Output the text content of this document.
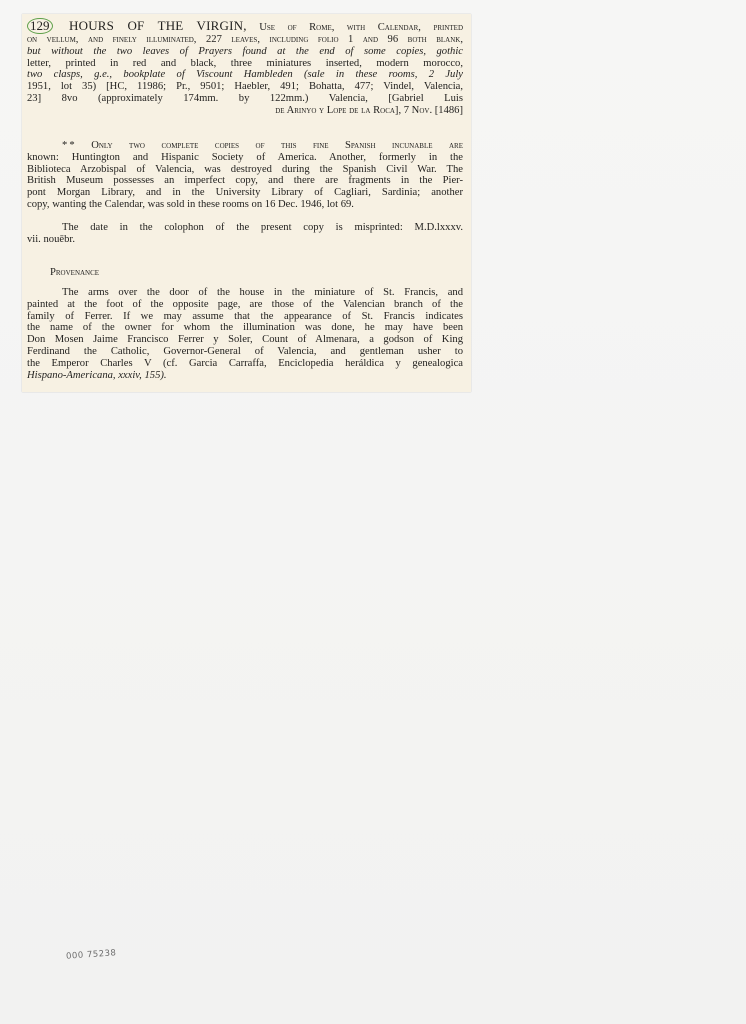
129 HOURS OF THE VIRGIN, Use of Rome, with Calendar, printed
on vellum, and finely illuminated, 227 leaves, including folio 1 and 96 both blank,
but without the two leaves of Prayers found at the end of some copies, gothic
letter, printed in red and black, three miniatures inserted, modern morocco,
two clasps, g.e., bookplate of Viscount Hambleden (sale in these rooms, 2 July
1951, lot 35) [HC, 11986; Pr., 9501; Haebler, 491; Bohatta, 477; Vindel, Valencia,
23] 8vo (approximately 174mm. by 122mm.) Valencia, [Gabriel Luis
de Arinyo y Lope de la Roca], 7 Nov. [1486]
* * Only two complete copies of this fine Spanish incunable are
known: Huntington and Hispanic Society of America. Another, formerly in the
Biblioteca Arzobispal of Valencia, was destroyed during the Spanish Civil War. The
British Museum possesses an imperfect copy, and there are fragments in the Pier-
pont Morgan Library, and in the University Library of Cagliari, Sardinia; another
copy, wanting the Calendar, was sold in these rooms on 16 Dec. 1946, lot 69.
The date in the colophon of the present copy is misprinted: M.D.lxxxv.
vii. nouēbr.
Provenance
The arms over the door of the house in the miniature of St. Francis, and
painted at the foot of the opposite page, are those of the Valencian branch of the
family of Ferrer. If we may assume that the appearance of St. Francis indicates
the name of the owner for whom the illumination was done, he may have been
Don Mosen Jaime Francisco Ferrer y Soler, Count of Almenara, a godson of King
Ferdinand the Catholic, Governor-General of Valencia, and gentleman usher to
the Emperor Charles V (cf. Garcia Carraffa, Enciclopedia heráldica y genealogica
Hispano-Americana, xxxiv, 155).
000 75238
